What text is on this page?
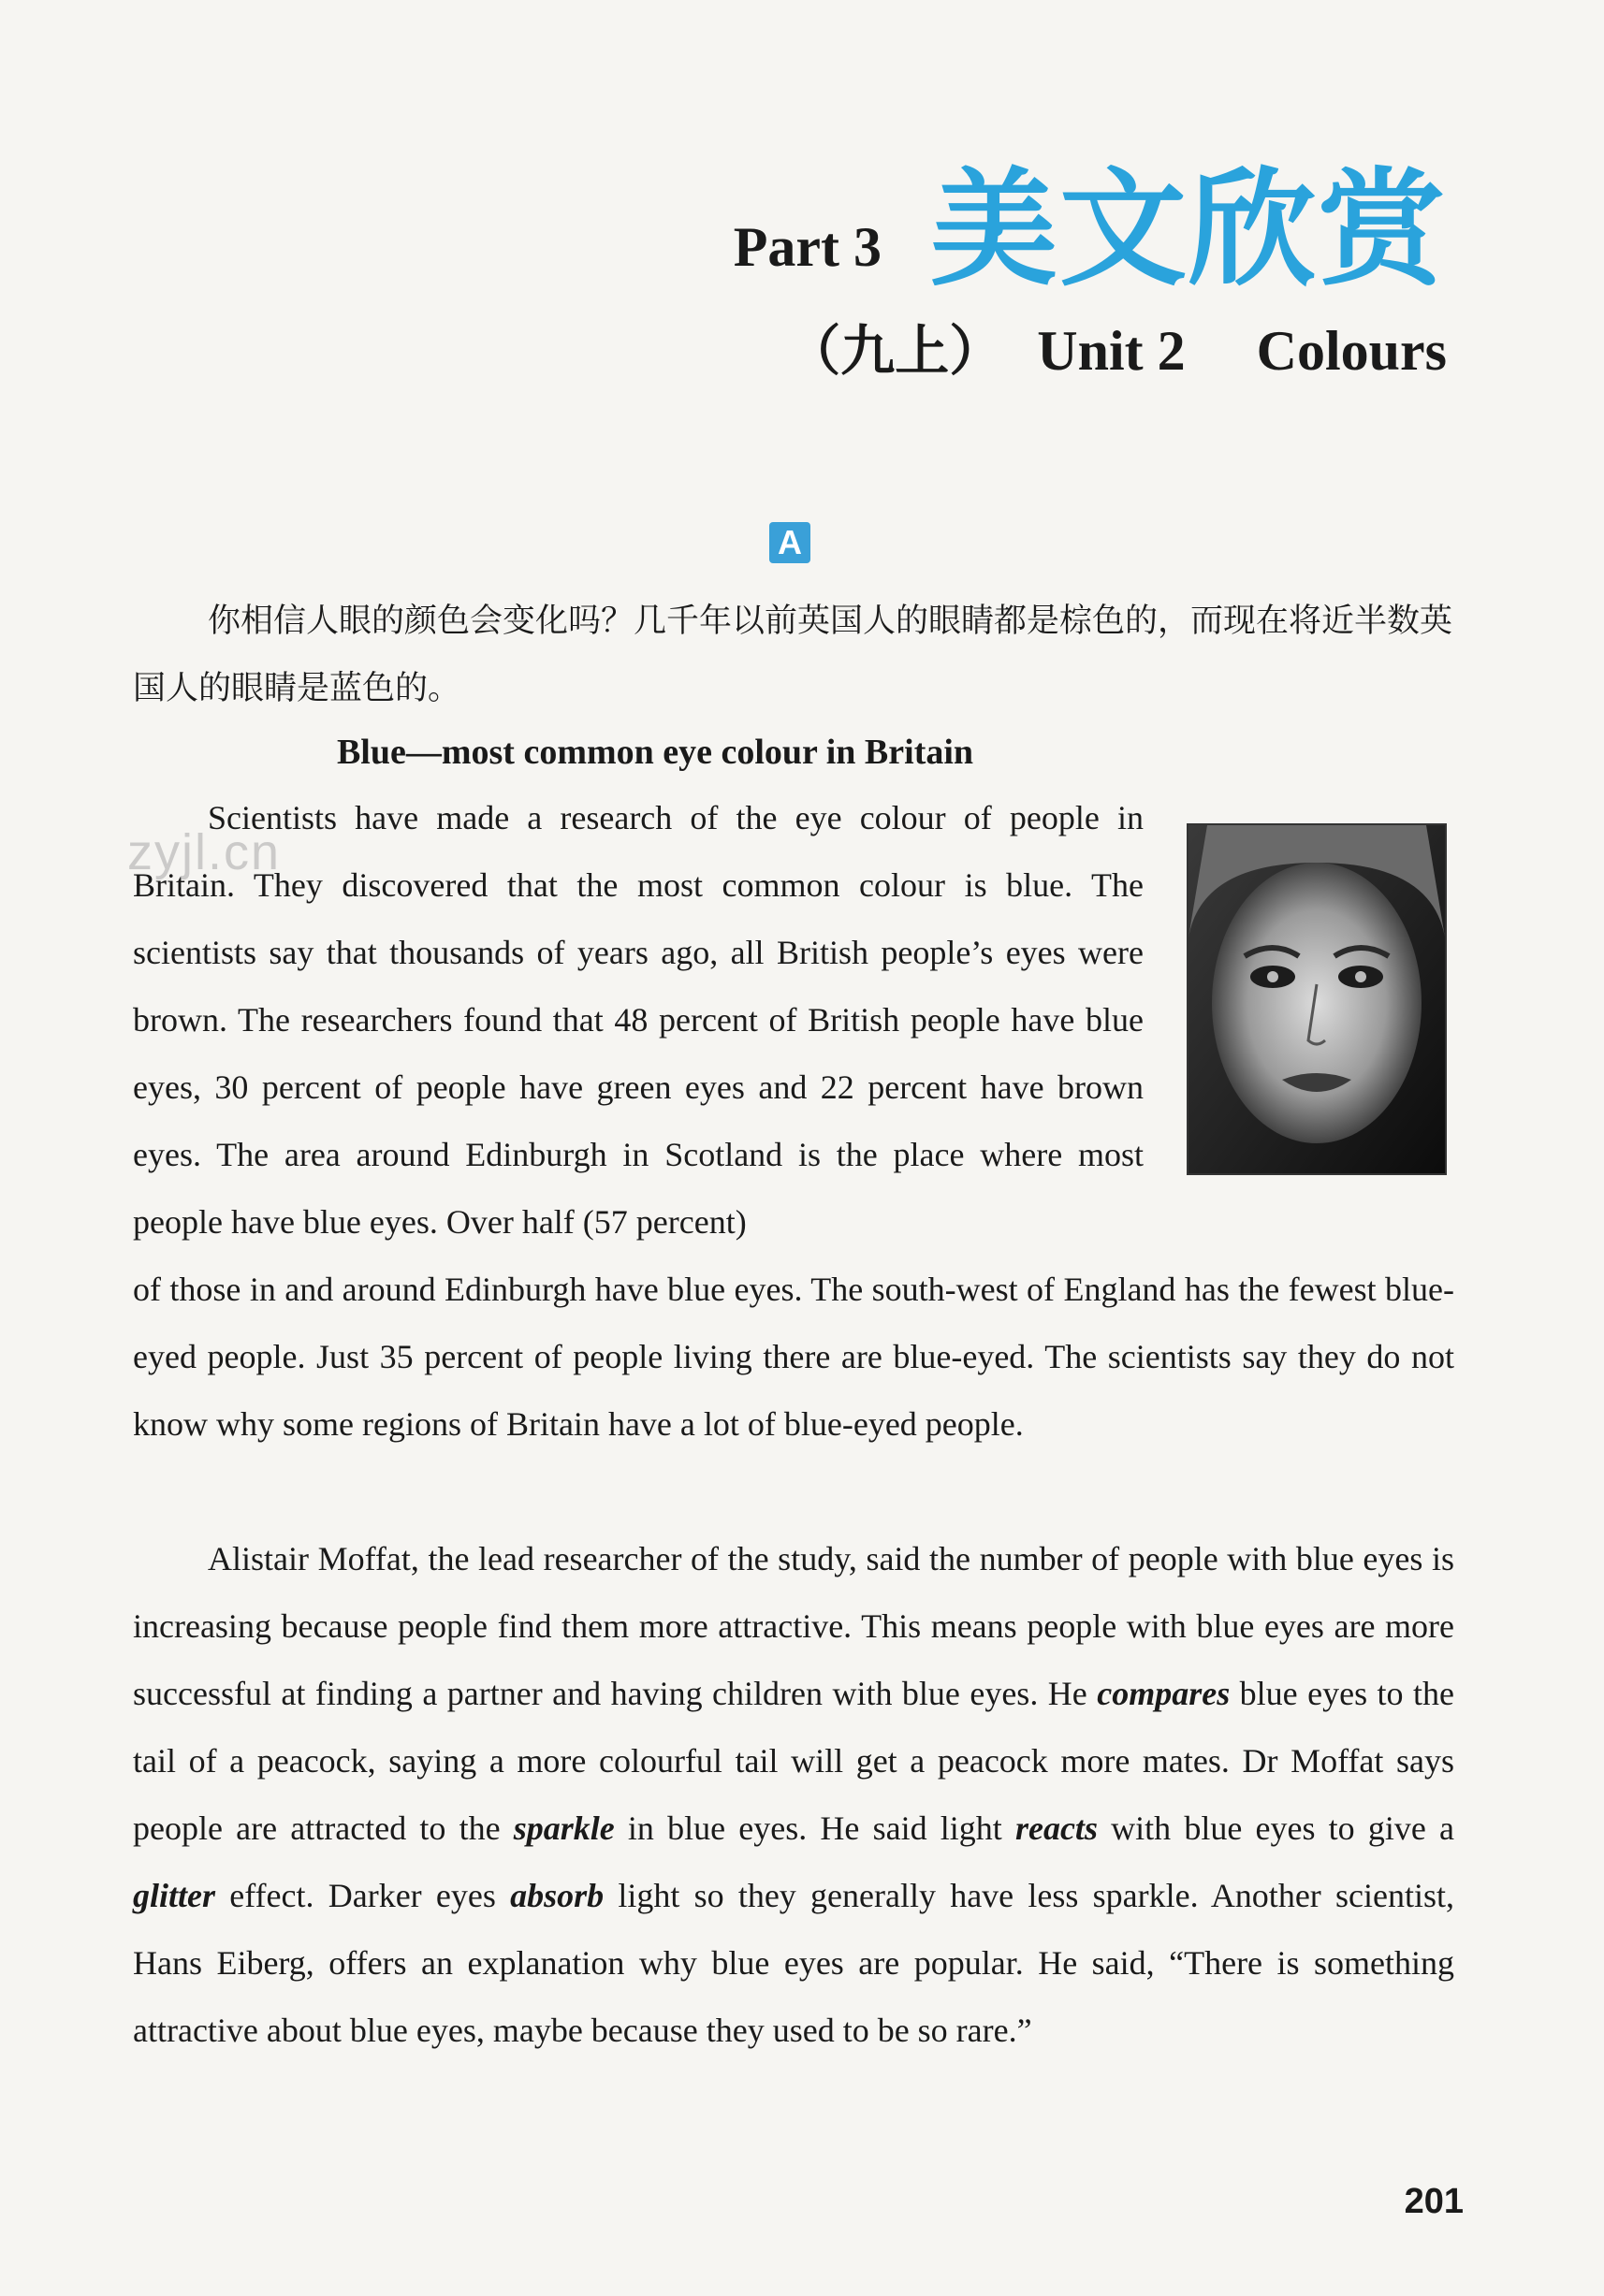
Part 3 美文欣赏
（九上） Unit 2 Colours
A

你相信人眼的颜色会变化吗？几千年以前英国人的眼睛都是棕色的，而现在将近半数英国人的眼睛是蓝色的。

Blue—most common eye colour in Britain

Scientists have made a research of the eye colour of people in Britain. They discovered that the most common colour is blue. The scientists say that thousands of years ago, all British people’s eyes were brown. The researchers found that 48 percent of British people have blue eyes, 30 percent of people have green eyes and 22 percent have brown eyes. The area around Edinburgh in Scotland is the place where most people have blue eyes. Over half (57 percent)

zyjl.cn

of those in and around Edinburgh have blue eyes. The south-west of England has the fewest blue-eyed people. Just 35 percent of people living there are blue-eyed. The scientists say they do not know why some regions of Britain have a lot of blue-eyed people.

Alistair Moffat, the lead researcher of the study, said the number of people with blue eyes is increasing because people find them more attractive. This means people with blue eyes are more successful at finding a partner and having children with blue eyes. He compares blue eyes to the tail of a peacock, saying a more colourful tail will get a peacock more mates. Dr Moffat says people are attracted to the sparkle in blue eyes. He said light reacts with blue eyes to give a glitter effect. Darker eyes absorb light so they generally have less sparkle. Another scientist, Hans Eiberg, offers an explanation why blue eyes are popular. He said, “There is something attractive about blue eyes, maybe because they used to be so rare.”

201
